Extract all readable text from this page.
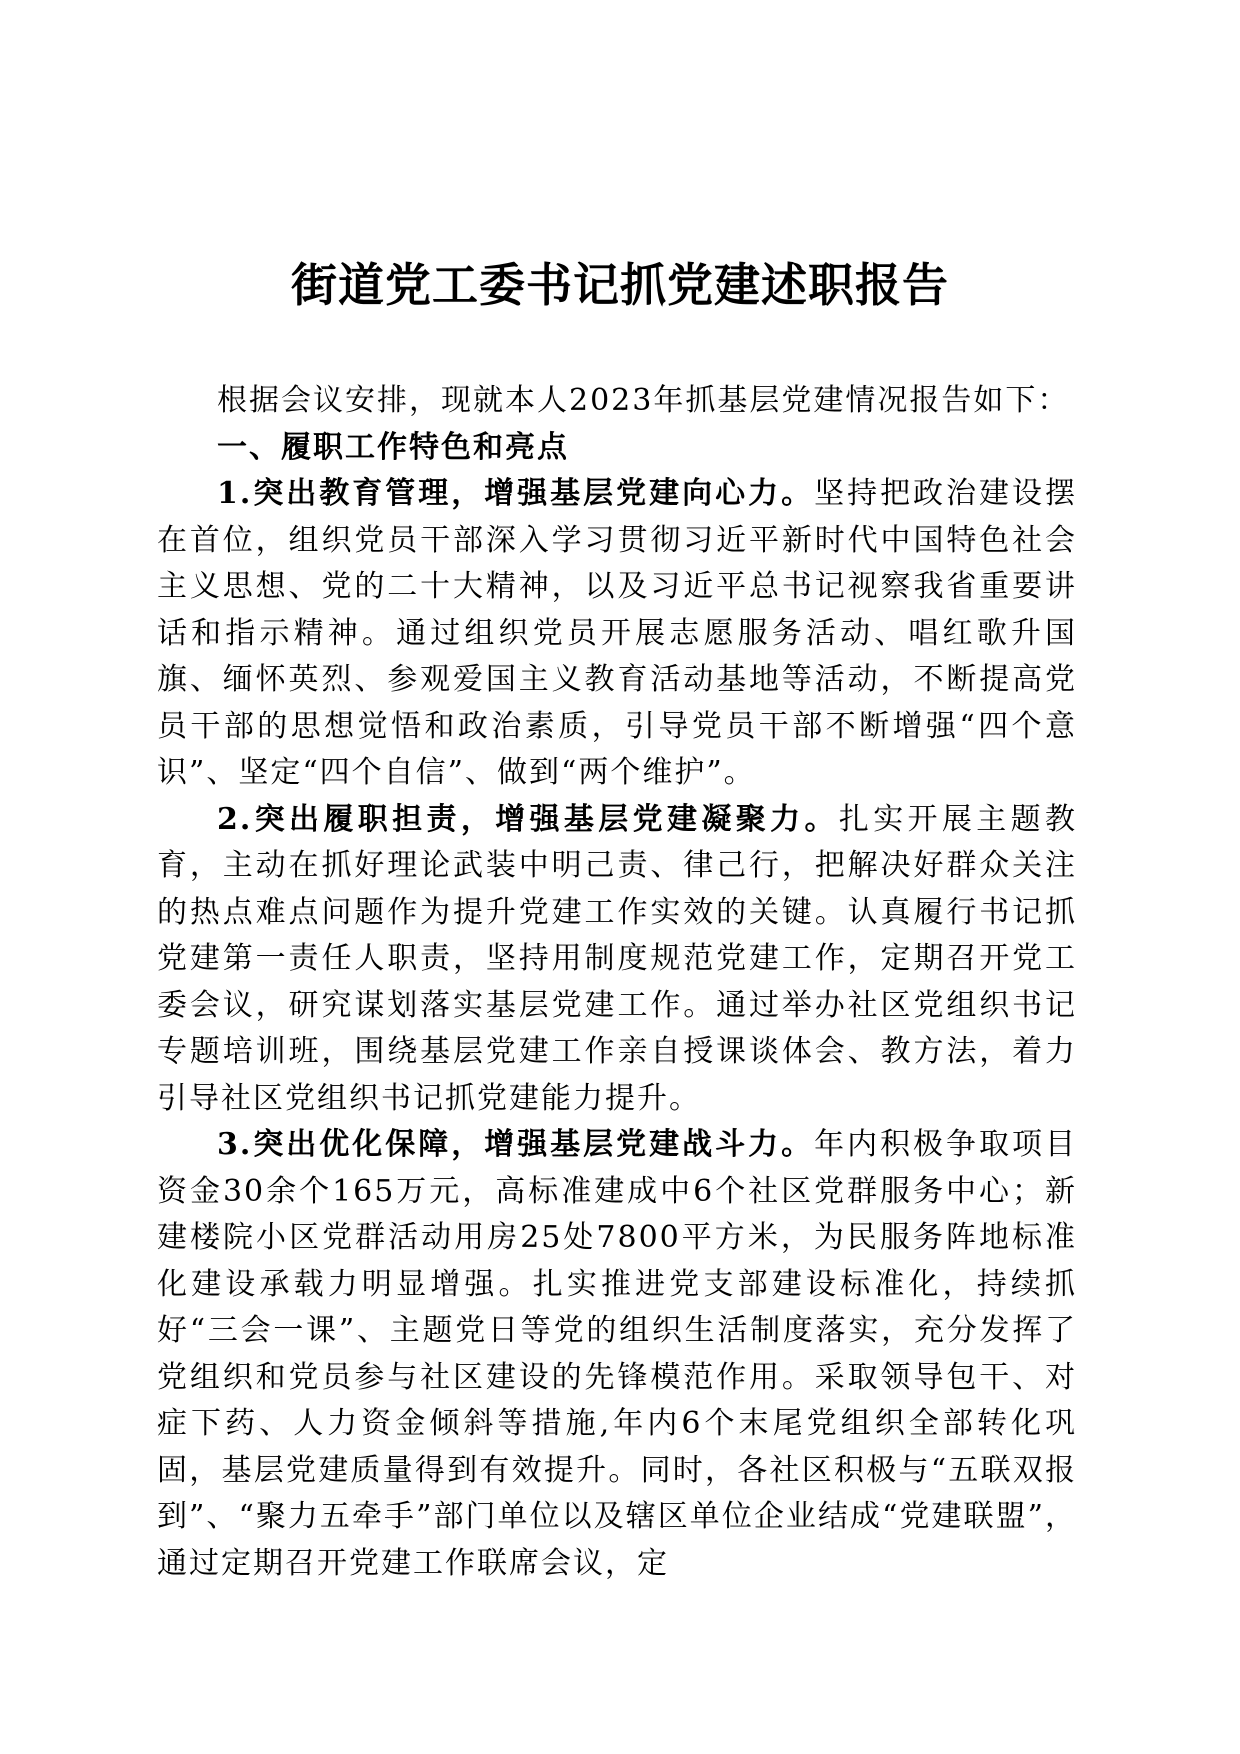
街道党工委书记抓党建述职报告

根据会议安排，现就本人2023年抓基层党建情况报告如下：

一、履职工作特色和亮点

1.突出教育管理，增强基层党建向心力。坚持把政治建设摆在首位，组织党员干部深入学习贯彻习近平新时代中国特色社会主义思想、党的二十大精神，以及习近平总书记视察我省重要讲话和指示精神。通过组织党员开展志愿服务活动、唱红歌升国旗、缅怀英烈、参观爱国主义教育活动基地等活动，不断提高党员干部的思想觉悟和政治素质，引导党员干部不断增强“四个意识”、坚定“四个自信”、做到“两个维护”。

2.突出履职担责，增强基层党建凝聚力。扎实开展主题教育，主动在抓好理论武装中明己责、律己行，把解决好群众关注的热点难点问题作为提升党建工作实效的关键。认真履行书记抓党建第一责任人职责，坚持用制度规范党建工作，定期召开党工委会议，研究谋划落实基层党建工作。通过举办社区党组织书记专题培训班，围绕基层党建工作亲自授课谈体会、教方法，着力引导社区党组织书记抓党建能力提升。

3.突出优化保障，增强基层党建战斗力。年内积极争取项目资金30余个165万元，高标准建成中6个社区党群服务中心；新建楼院小区党群活动用房25处7800平方米，为民服务阵地标准化建设承载力明显增强。扎实推进党支部建设标准化，持续抓好“三会一课”、主题党日等党的组织生活制度落实，充分发挥了党组织和党员参与社区建设的先锋模范作用。采取领导包干、对症下药、人力资金倾斜等措施,年内6个末尾党组织全部转化巩固，基层党建质量得到有效提升。同时，各社区积极与“五联双报到”、“聚力五牵手”部门单位以及辖区单位企业结成“党建联盟”，通过定期召开党建工作联席会议，定
